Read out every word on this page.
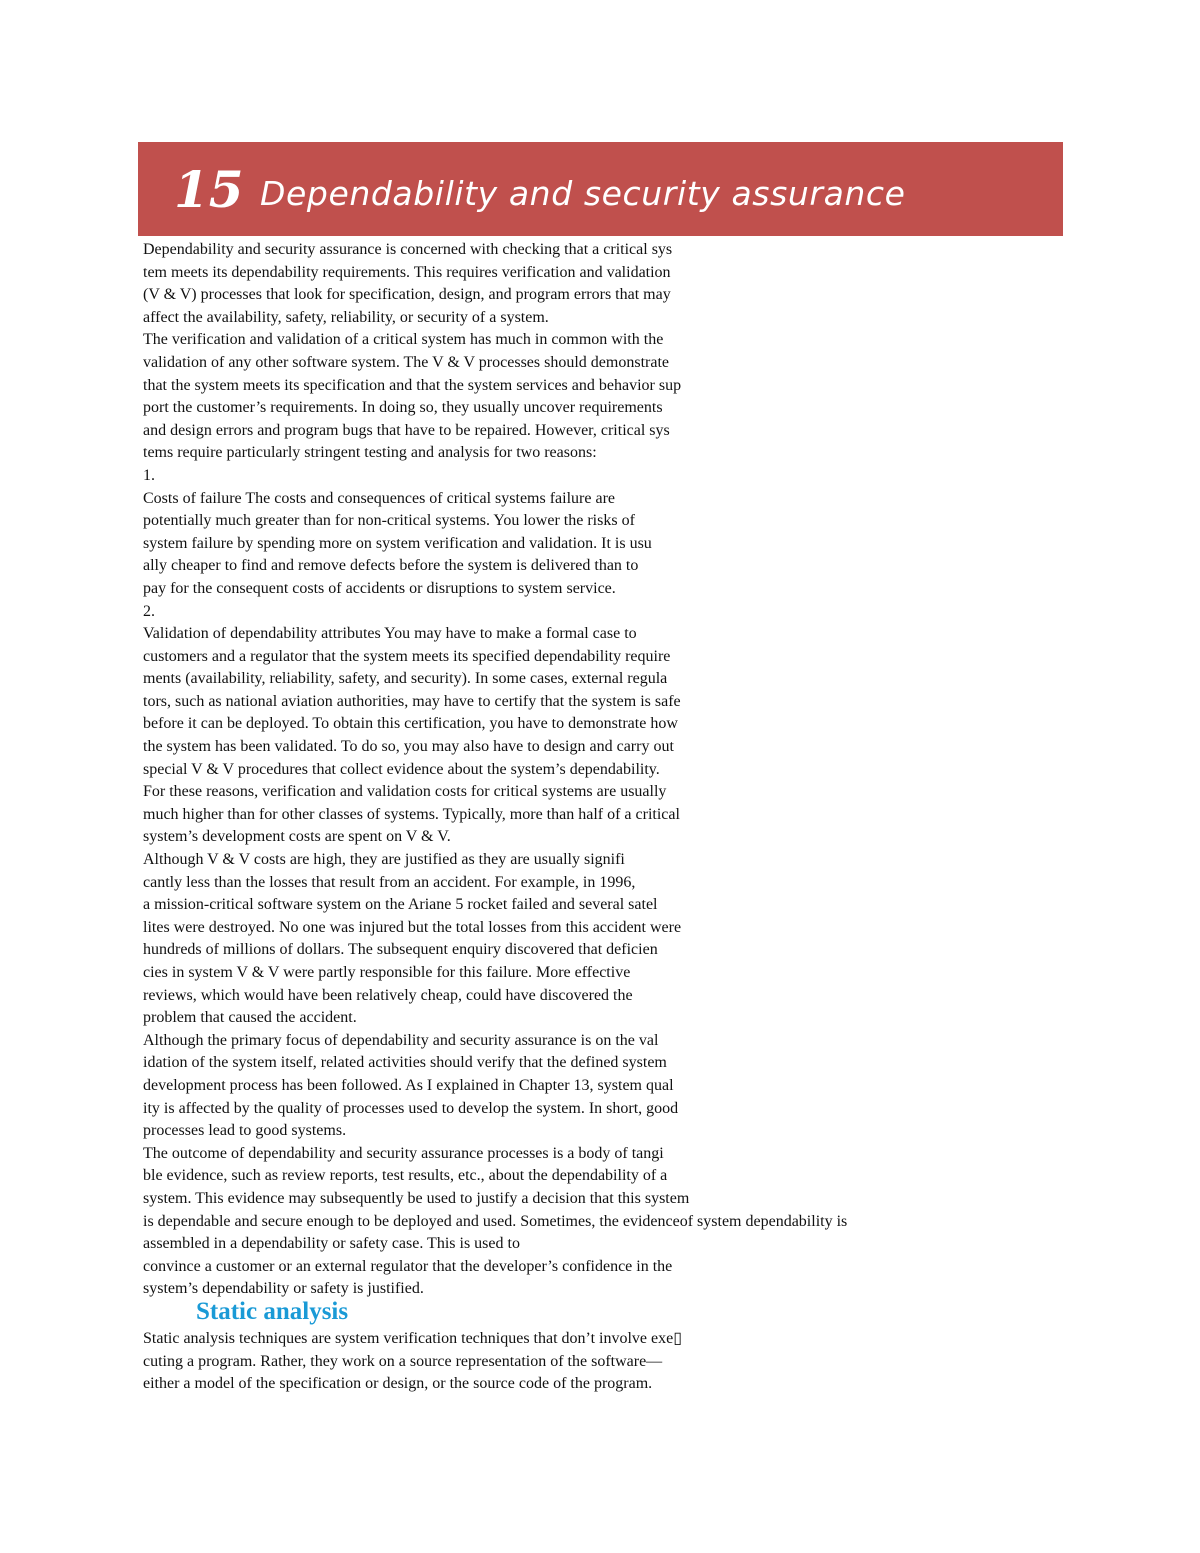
15 Dependability and security assurance
Dependability and security assurance is concerned with checking that a critical sys
tem meets its dependability requirements. This requires verification and validation
(V & V) processes that look for specification, design, and program errors that may
affect the availability, safety, reliability, or security of a system.
The verification and validation of a critical system has much in common with the
validation of any other software system. The V & V processes should demonstrate
that the system meets its specification and that the system services and behavior sup
port the customer’s requirements. In doing so, they usually uncover requirements
and design errors and program bugs that have to be repaired. However, critical sys
tems require particularly stringent testing and analysis for two reasons:
1.
Costs of failure The costs and consequences of critical systems failure are
potentially much greater than for non-critical systems. You lower the risks of
system failure by spending more on system verification and validation. It is usu
ally cheaper to find and remove defects before the system is delivered than to
pay for the consequent costs of accidents or disruptions to system service.
2.
Validation of dependability attributes You may have to make a formal case to
customers and a regulator that the system meets its specified dependability require
ments (availability, reliability, safety, and security). In some cases, external regula
tors, such as national aviation authorities, may have to certify that the system is safe
before it can be deployed. To obtain this certification, you have to demonstrate how
the system has been validated. To do so, you may also have to design and carry out
special V & V procedures that collect evidence about the system’s dependability.
For these reasons, verification and validation costs for critical systems are usually
much higher than for other classes of systems. Typically, more than half of a critical
system’s development costs are spent on V & V.
Although V & V costs are high, they are justified as they are usually signifi
cantly less than the losses that result from an accident. For example, in 1996,
a mission-critical software system on the Ariane 5 rocket failed and several satel
lites were destroyed. No one was injured but the total losses from this accident were
hundreds of millions of dollars. The subsequent enquiry discovered that deficien
cies in system V & V were partly responsible for this failure. More effective
reviews, which would have been relatively cheap, could have discovered the
problem that caused the accident.
Although the primary focus of dependability and security assurance is on the val
idation of the system itself, related activities should verify that the defined system
development process has been followed. As I explained in Chapter 13, system qual
ity is affected by the quality of processes used to develop the system. In short, good
processes lead to good systems.
The outcome of dependability and security assurance processes is a body of tangi
ble evidence, such as review reports, test results, etc., about the dependability of a
system. This evidence may subsequently be used to justify a decision that this system
is dependable and secure enough to be deployed and used. Sometimes, the evidenceof system dependability is
assembled in a dependability or safety case. This is used to
convince a customer or an external regulator that the developer’s confidence in the
system’s dependability or safety is justified.
Static analysis
Static analysis techniques are system verification techniques that don’t involve exe▯
cuting a program. Rather, they work on a source representation of the software—
either a model of the specification or design, or the source code of the program.
